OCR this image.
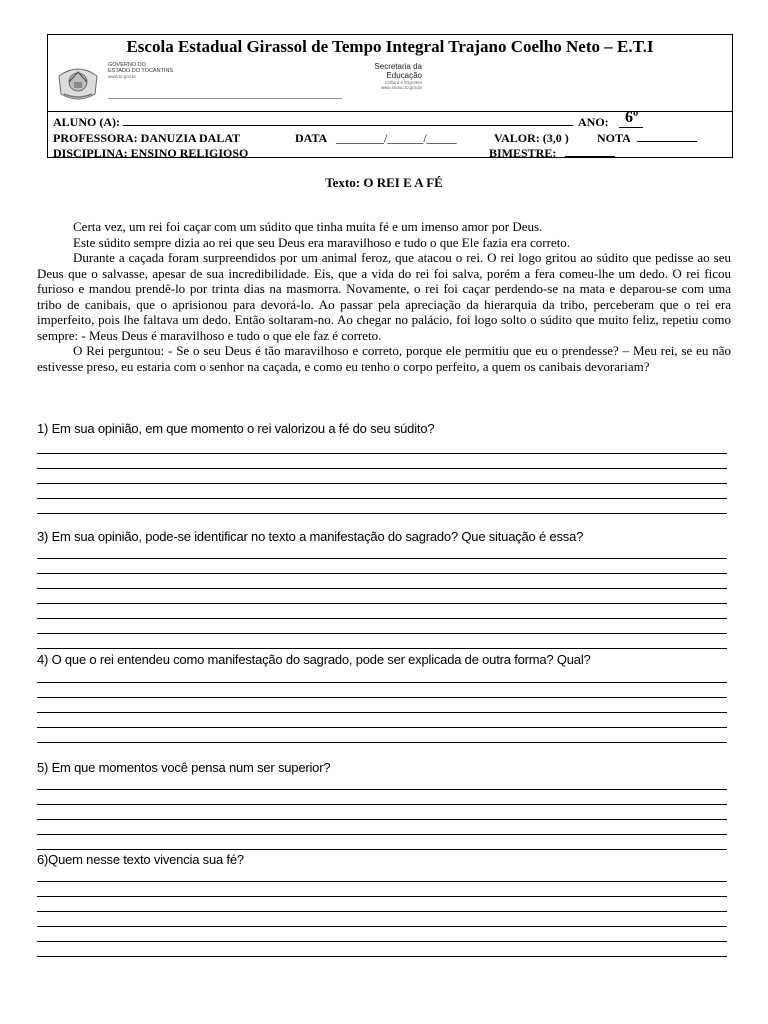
Escola Estadual Girassol de Tempo Integral Trajano Coelho Neto – E.T.I
GOVERNO DO
ESTADO DO TOCANTINS
www.to.gov.br
Secretaria da
Educação
Cultura e Esportes
www.seduc.to.gov.br
ALUNO (A):	ANO: 6º
PROFESSORA: DANUZIA DALAT	DATA ________/______/_____	VALOR: (3,0 ) NOTA
DISCIPLINA: ENSINO RELIGIOSO	BIMESTRE:
Texto: O REI E A FÉ

Certa vez, um rei foi caçar com um súdito que tinha muita fé e um imenso amor por Deus.

Este súdito sempre dizia ao rei que seu Deus era maravilhoso e tudo o que Ele fazia era correto.

Durante a caçada foram surpreendidos por um animal feroz, que atacou o rei. O rei logo gritou ao súdito que pedisse ao seu Deus que o salvasse, apesar de sua incredibilidade. Eis, que a vida do rei foi salva, porém a fera comeu-lhe um dedo. O rei ficou furioso e mandou prendê-lo por trinta dias na masmorra. Novamente, o rei foi caçar perdendo-se na mata e deparou-se com uma tribo de canibais, que o aprisionou para devorá-lo. Ao passar pela apreciação da hierarquia da tribo, perceberam que o rei era imperfeito, pois lhe faltava um dedo. Então soltaram-no. Ao chegar no palácio, foi logo solto o súdito que muito feliz, repetiu como sempre: - Meus Deus é maravilhoso e tudo o que ele faz é correto.

O Rei perguntou: - Se o seu Deus é tão maravilhoso e correto, porque ele permitiu que eu o prendesse? – Meu rei, se eu não estivesse preso, eu estaria com o senhor na caçada, e como eu tenho o corpo perfeito, a quem os canibais devorariam?

1) Em sua opinião, em que momento o rei valorizou a fé do seu súdito?
3) Em sua opinião, pode-se identificar no texto a manifestação do sagrado? Que situação é essa?
4) O que o rei entendeu como manifestação do sagrado, pode ser explicada de outra forma? Qual?
5) Em que momentos você pensa num ser superior?
6)Quem nesse texto vivencia sua fé?
